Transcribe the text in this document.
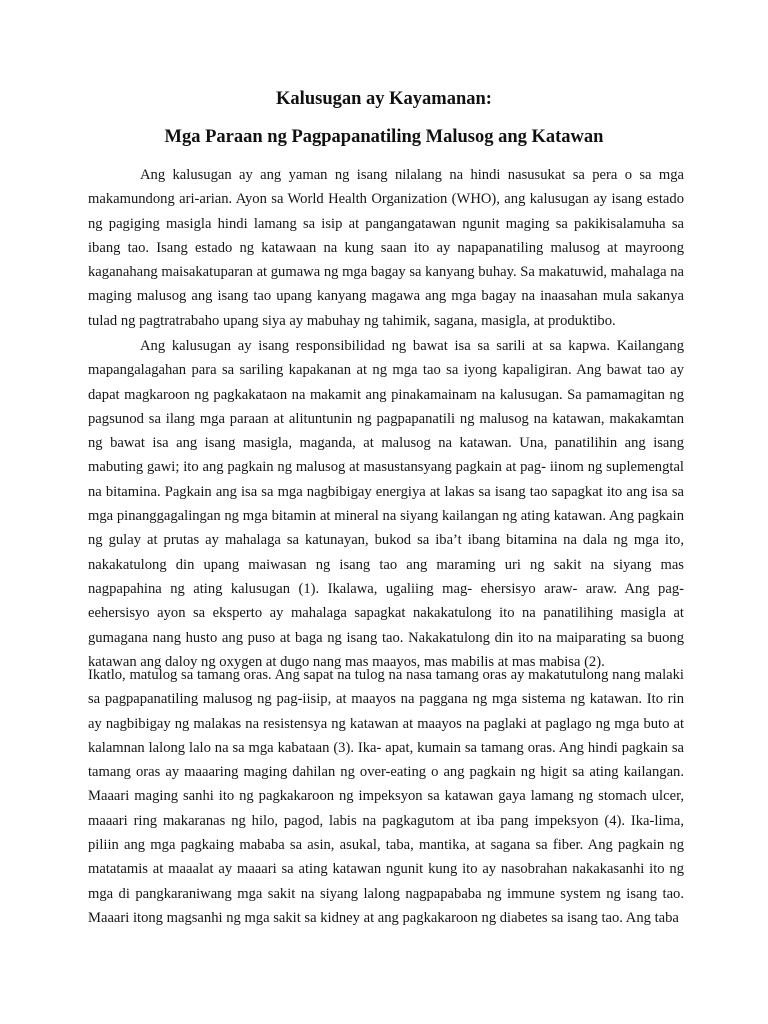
Kalusugan ay Kayamanan:
Mga Paraan ng Pagpapanatiling Malusog ang Katawan

Ang kalusugan ay ang yaman ng isang nilalang na hindi nasusukat sa pera o sa mga makamundong ari-arian. Ayon sa World Health Organization (WHO), ang kalusugan ay isang estado ng pagiging masigla hindi lamang sa isip at pangangatawan ngunit maging sa pakikisalamuha sa ibang tao. Isang estado ng katawaan na kung saan ito ay napapanatiling malusog at mayroong kaganahang maisakatuparan at gumawa ng mga bagay sa kanyang buhay. Sa makatuwid, mahalaga na maging malusog ang isang tao upang kanyang magawa ang mga bagay na inaasahan mula sakanya tulad ng pagtratrabaho upang siya ay mabuhay ng tahimik, sagana, masigla, at produktibo.

Ang kalusugan ay isang responsibilidad ng bawat isa sa sarili at sa kapwa. Kailangang mapangalagahan para sa sariling kapakanan at ng mga tao sa iyong kapaligiran. Ang bawat tao ay dapat magkaroon ng pagkakataon na makamit ang pinakamainam na kalusugan. Sa pamamagitan ng pagsunod sa ilang mga paraan at alituntunin ng pagpapanatili ng malusog na katawan, makakamtan ng bawat isa ang isang masigla, maganda, at malusog na katawan. Una, panatilihin ang isang mabuting gawi; ito ang pagkain ng malusog at masustansyang pagkain at pag- iinom ng suplemengtal na bitamina. Pagkain ang isa sa mga nagbibigay energiya at lakas sa isang tao sapagkat ito ang isa sa mga pinanggagalingan ng mga bitamin at mineral na siyang kailangan ng ating katawan. Ang pagkain ng gulay at prutas ay mahalaga sa katunayan, bukod sa iba’t ibang bitamina na dala ng mga ito, nakakatulong din upang maiwasan ng isang tao ang maraming uri ng sakit na siyang mas nagpapahina ng ating kalusugan (1). Ikalawa, ugaliing mag- ehersisyo araw- araw. Ang pag-eehersisyo ayon sa eksperto ay mahalaga sapagkat nakakatulong ito na panatilihing masigla at gumagana nang husto ang puso at baga ng isang tao. Nakakatulong din ito na maiparating sa buong katawan ang daloy ng oxygen at dugo nang mas maayos, mas mabilis at mas mabisa (2).

Ikatlo, matulog sa tamang oras. Ang sapat na tulog na nasa tamang oras ay makatutulong nang malaki sa pagpapanatiling malusog ng pag-iisip, at maayos na paggana ng mga sistema ng katawan. Ito rin ay nagbibigay ng malakas na resistensya ng katawan at maayos na paglaki at paglago ng mga buto at kalamnan lalong lalo na sa mga kabataan (3). Ika- apat, kumain sa tamang oras. Ang hindi pagkain sa tamang oras ay maaaring maging dahilan ng over-eating o ang pagkain ng higit sa ating kailangan. Maaari maging sanhi ito ng pagkakaroon ng impeksyon sa katawan gaya lamang ng stomach ulcer, maaari ring makaranas ng hilo, pagod, labis na pagkagutom at iba pang impeksyon (4). Ika-lima, piliin ang mga pagkaing mababa sa asin, asukal, taba, mantika, at sagana sa fiber. Ang pagkain ng matatamis at maaalat ay maaari sa ating katawan ngunit kung ito ay nasobrahan nakakasanhi ito ng mga di pangkaraniwang mga sakit na siyang lalong nagpapababa ng immune system ng isang tao. Maaari itong magsanhi ng mga sakit sa kidney at ang pagkakaroon ng diabetes sa isang tao. Ang taba
